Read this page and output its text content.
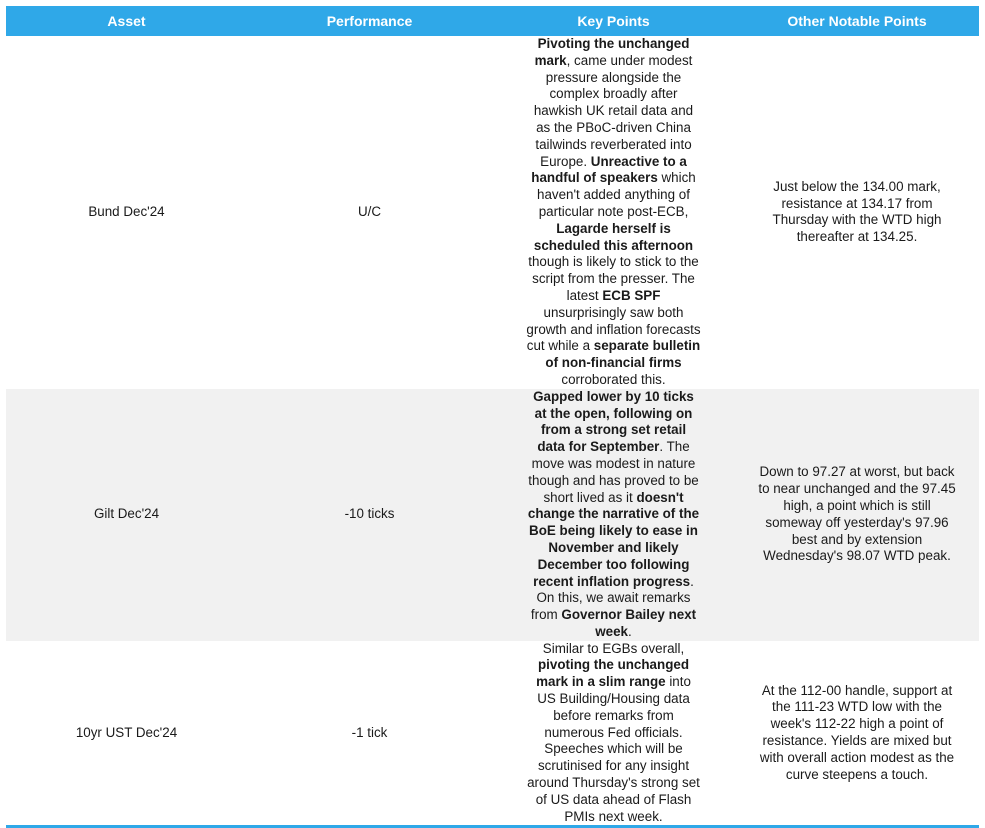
Asset	Performance	Key Points	Other Notable Points
Bund Dec'24	U/C	Pivoting the unchanged mark, came under modest pressure alongside the complex broadly after hawkish UK retail data and as the PBoC-driven China tailwinds reverberated into Europe. Unreactive to a handful of speakers which haven't added anything of particular note post-ECB, Lagarde herself is scheduled this afternoon though is likely to stick to the script from the presser. The latest ECB SPF unsurprisingly saw both growth and inflation forecasts cut while a separate bulletin of non-financial firms corroborated this.	Just below the 134.00 mark, resistance at 134.17 from Thursday with the WTD high thereafter at 134.25.
Gilt Dec'24	-10 ticks	Gapped lower by 10 ticks at the open, following on from a strong set retail data for September. The move was modest in nature though and has proved to be short lived as it doesn't change the narrative of the BoE being likely to ease in November and likely December too following recent inflation progress. On this, we await remarks from Governor Bailey next week.	Down to 97.27 at worst, but back to near unchanged and the 97.45 high, a point which is still someway off yesterday's 97.96 best and by extension Wednesday's 98.07 WTD peak.
10yr UST Dec'24	-1 tick	Similar to EGBs overall, pivoting the unchanged mark in a slim range into US Building/Housing data before remarks from numerous Fed officials. Speeches which will be scrutinised for any insight around Thursday's strong set of US data ahead of Flash PMIs next week.	At the 112-00 handle, support at the 111-23 WTD low with the week's 112-22 high a point of resistance. Yields are mixed but with overall action modest as the curve steepens a touch.
